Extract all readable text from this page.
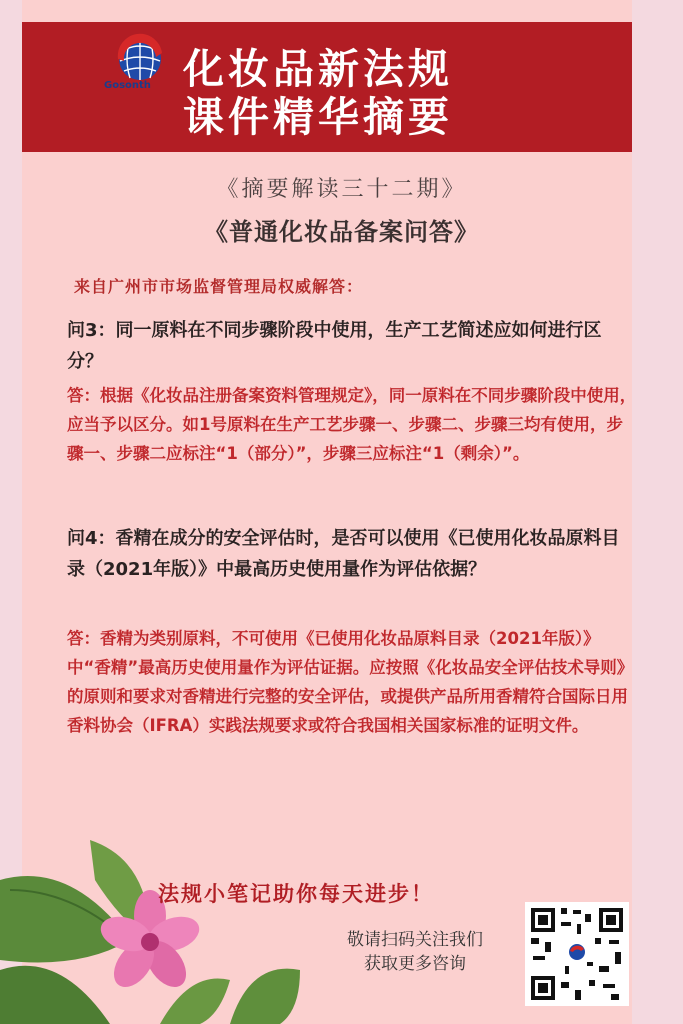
Gosonth 化妆品新法规
课件精华摘要
《摘要解读三十二期》
《普通化妆品备案问答》
来自广州市市场监督管理局权威解答：
问3：同一原料在不同步骤阶段中使用，生产工艺简述应如何进行区分？
答：根据《化妆品注册备案资料管理规定》，同一原料在不同步骤阶段中使用，应当予以区分。如1号原料在生产工艺步骤一、步骤二、步骤三均有使用，步骤一、步骤二应标注“1（部分）”，步骤三应标注“1（剩余）”。
问4：香精在成分的安全评估时，是否可以使用《已使用化妆品原料目录（2021年版）》中最高历史使用量作为评估依据？
答：香精为类别原料，不可使用《已使用化妆品原料目录（2021年版）》中“香精”最高历史使用量作为评估证据。应按照《化妆品安全评估技术导则》的原则和要求对香精进行完整的安全评估，或提供产品所用香精符合国际日用香料协会（IFRA）实践法规要求或符合我国相关国家标准的证明文件。
法规小笔记助你每天进步！
敬请扫码关注我们
获取更多咨询
